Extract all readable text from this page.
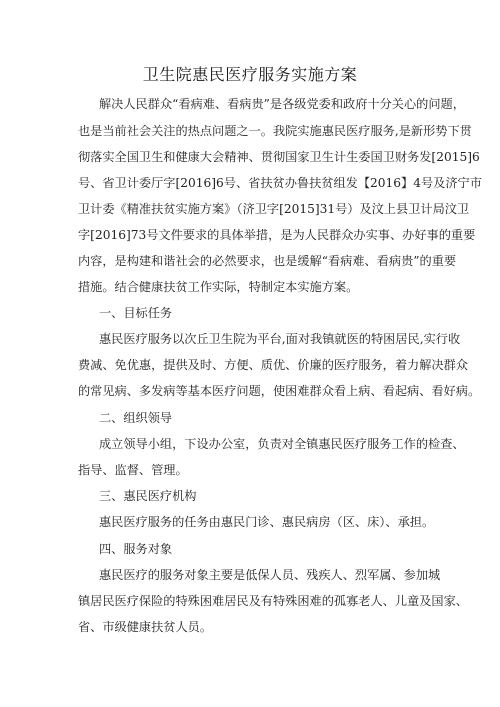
卫生院惠民医疗服务实施方案
解决人民群众“看病难、看病贵”是各级党委和政府十分关心的问题，
也是当前社会关注的热点问题之一。我院实施惠民医疗服务,是新形势下贯
彻落实全国卫生和健康大会精神、贯彻国家卫生计生委国卫财务发[2015]6
号、省卫计委厅字[2016]6号、省扶贫办鲁扶贫组发【2016】4号及济宁市
卫计委《精准扶贫实施方案》（济卫字[2015]31号）及汶上县卫计局汶卫
字[2016]73号文件要求的具体举措，是为人民群众办实事、办好事的重要
内容，是构建和谐社会的必然要求，也是缓解“看病难、看病贵”的重要
措施。结合健康扶贫工作实际，特制定本实施方案。
一、目标任务
惠民医疗服务以次丘卫生院为平台,面对我镇就医的特困居民,实行收
费减、免优惠，提供及时、方便、质优、价廉的医疗服务，着力解决群众
的常见病、多发病等基本医疗问题，使困难群众看上病、看起病、看好病。
二、组织领导
成立领导小组，下设办公室，负责对全镇惠民医疗服务工作的检查、
指导、监督、管理。
三、惠民医疗机构
惠民医疗服务的任务由惠民门诊、惠民病房（区、床）、承担。
四、服务对象
惠民医疗的服务对象主要是低保人员、残疾人、烈军属、参加城
镇居民医疗保险的特殊困难居民及有特殊困难的孤寡老人、儿童及国家、
省、市级健康扶贫人员。
